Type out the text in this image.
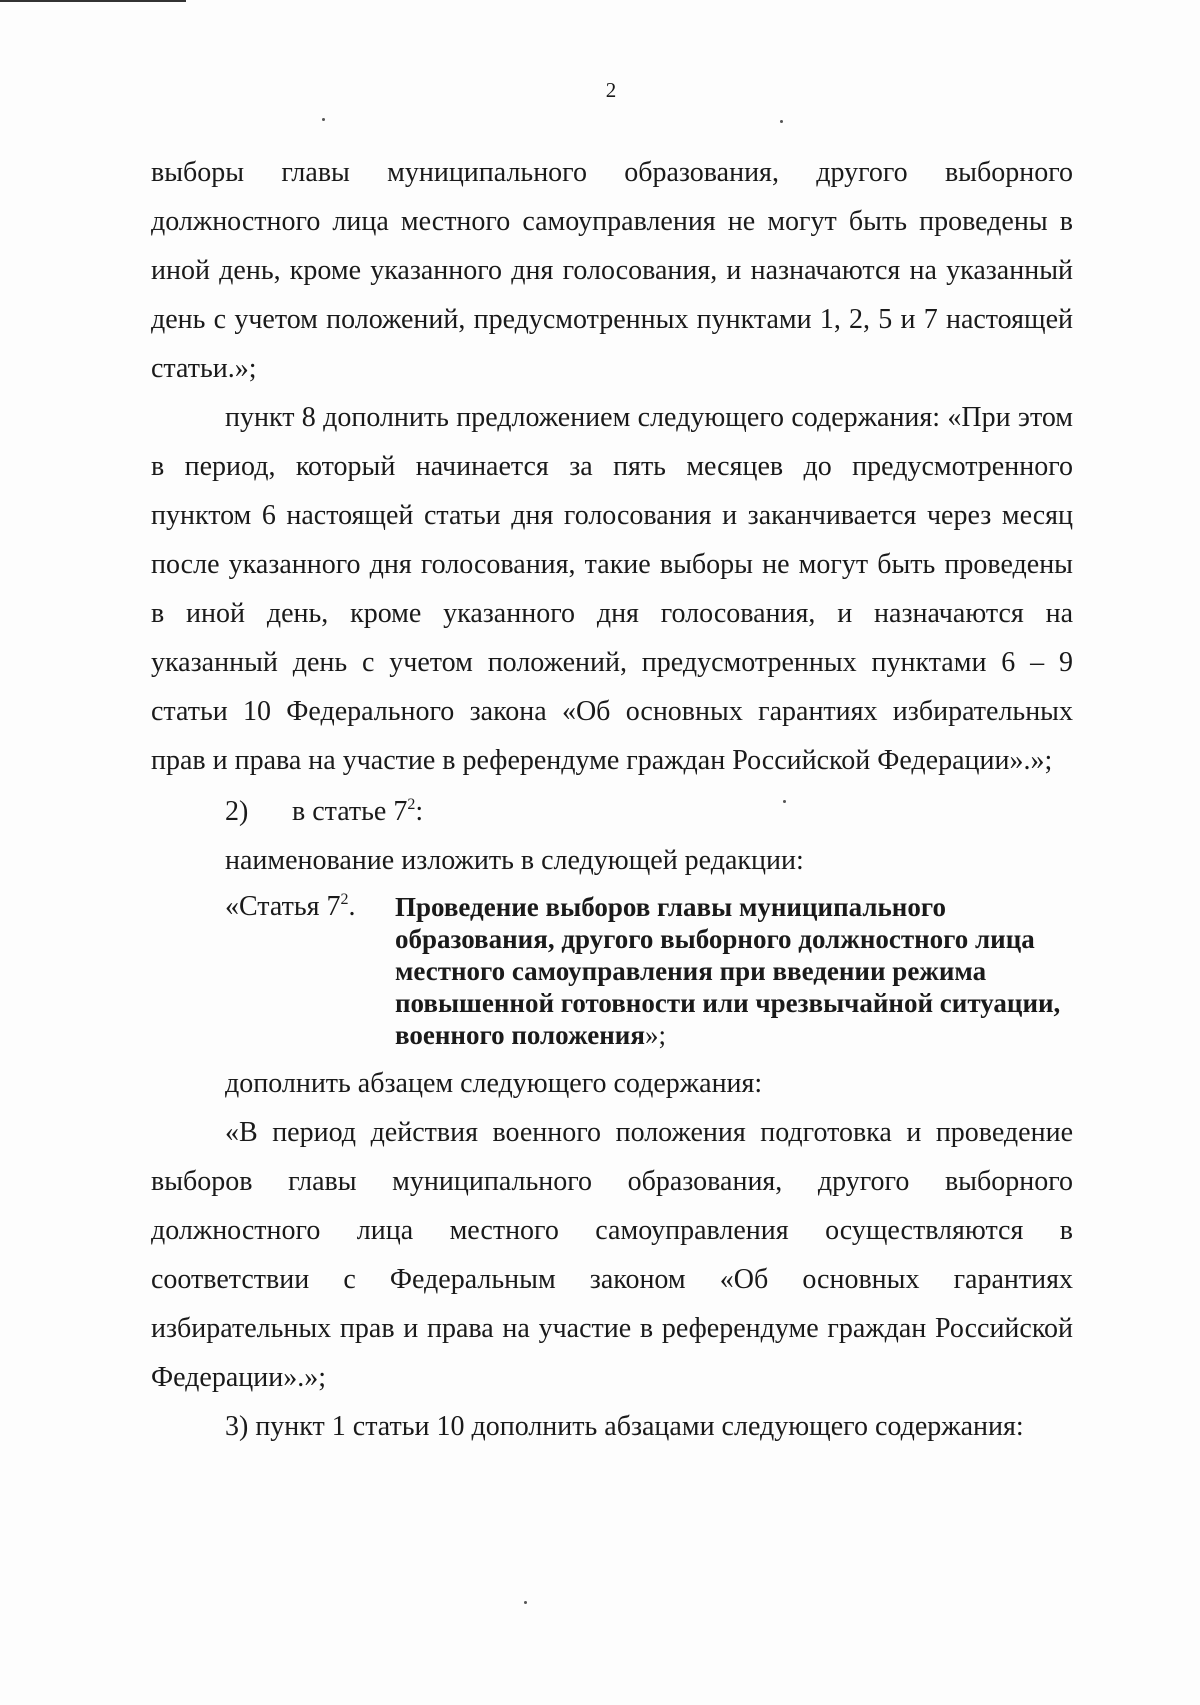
2

выборы главы муниципального образования, другого выборного должностного лица местного самоуправления не могут быть проведены в иной день, кроме указанного дня голосования, и назначаются на указанный день с учетом положений, предусмотренных пунктами 1, 2, 5 и 7 настоящей статьи.»;

пункт 8 дополнить предложением следующего содержания: «При этом в период, который начинается за пять месяцев до предусмотренного пунктом 6 настоящей статьи дня голосования и заканчивается через месяц после указанного дня голосования, такие выборы не могут быть проведены в иной день, кроме указанного дня голосования, и назначаются на указанный день с учетом положений, предусмотренных пунктами 6 – 9 статьи 10 Федерального закона «Об основных гарантиях избирательных прав и права на участие в референдуме граждан Российской Федерации».»;

2) в статье $7^2$:

наименование изложить в следующей редакции:

«Статья $7^2$.	Проведение выборов главы муниципального образования, другого выборного должностного лица местного самоуправления при введении режима повышенной готовности или чрезвычайной ситуации, военного положения»;

дополнить абзацем следующего содержания:

«В период действия военного положения подготовка и проведение выборов главы муниципального образования, другого выборного должностного лица местного самоуправления осуществляются в соответствии с Федеральным законом «Об основных гарантиях избирательных прав и права на участие в референдуме граждан Российской Федерации».»;

3) пункт 1 статьи 10 дополнить абзацами следующего содержания:
